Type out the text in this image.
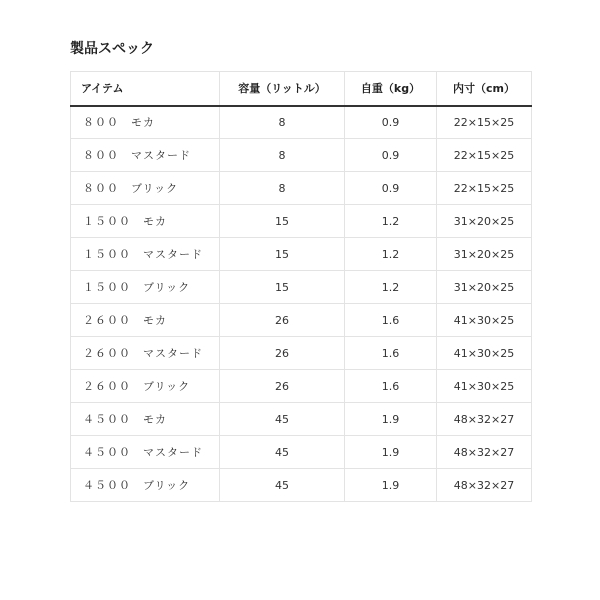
製品スペック
アイテム	容量（リットル）	自重（kg）	内寸（cm）
８００　モカ	8	0.9	22×15×25
８００　マスタード	8	0.9	22×15×25
８００　ブリック	8	0.9	22×15×25
１５００　モカ	15	1.2	31×20×25
１５００　マスタード	15	1.2	31×20×25
１５００　ブリック	15	1.2	31×20×25
２６００　モカ	26	1.6	41×30×25
２６００　マスタード	26	1.6	41×30×25
２６００　ブリック	26	1.6	41×30×25
４５００　モカ	45	1.9	48×32×27
４５００　マスタード	45	1.9	48×32×27
４５００　ブリック	45	1.9	48×32×27
